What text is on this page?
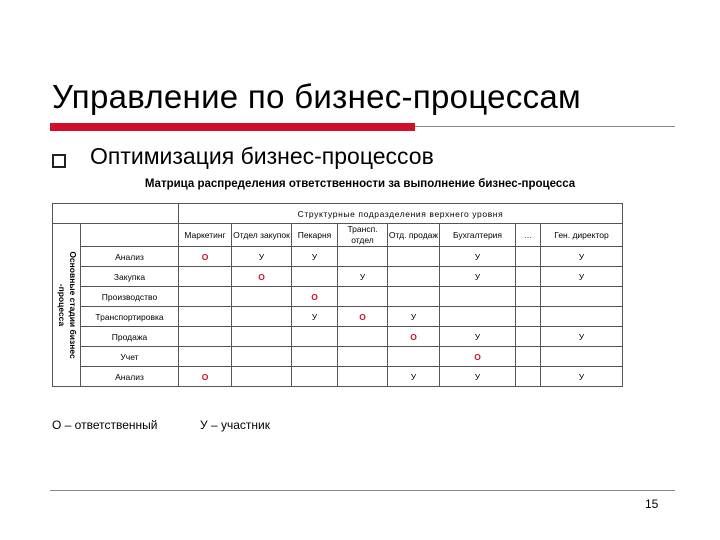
Управление по бизнес-процессам
Оптимизация бизнес-процессов
Матрица распределения ответственности за выполнение бизнес-процесса
		Структурные подразделения верхнего уровня							

Основные стадии бизнес
-процесса		Маркетинг	Отдел закупок	Пекарня	Трансп. отдел	Отд. продаж	Бухгалтерия	…	Ген. директор
	Анализ	O	У	У			У		У
	Закупка		O		У		У		У
	Производство			O					
	Транспортировка			У	O	У			
	Продажа					O	У		У
	Учет						O		
	Анализ	O				У	У		У
О – ответственный	У – участник
15
